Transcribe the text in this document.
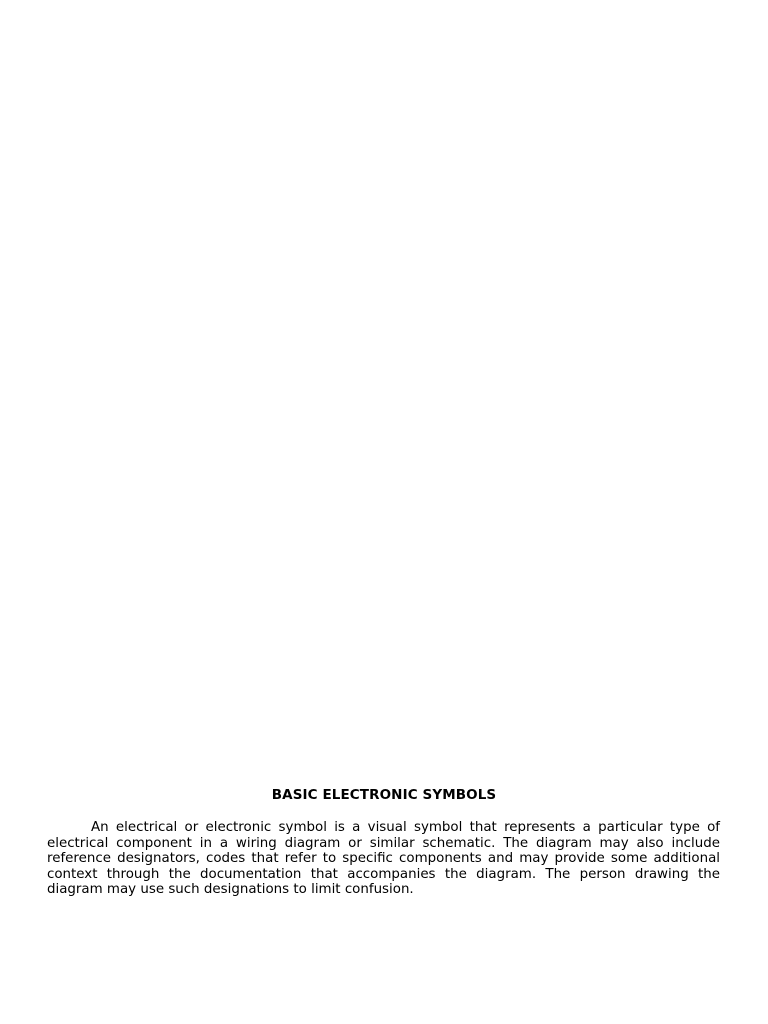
BASIC ELECTRONIC SYMBOLS

An electrical or electronic symbol is a visual symbol that represents a particular type of electrical component in a wiring diagram or similar schematic. The diagram may also include reference designators, codes that refer to specific components and may provide some additional context through the documentation that accompanies the diagram. The person drawing the diagram may use such designations to limit confusion.
